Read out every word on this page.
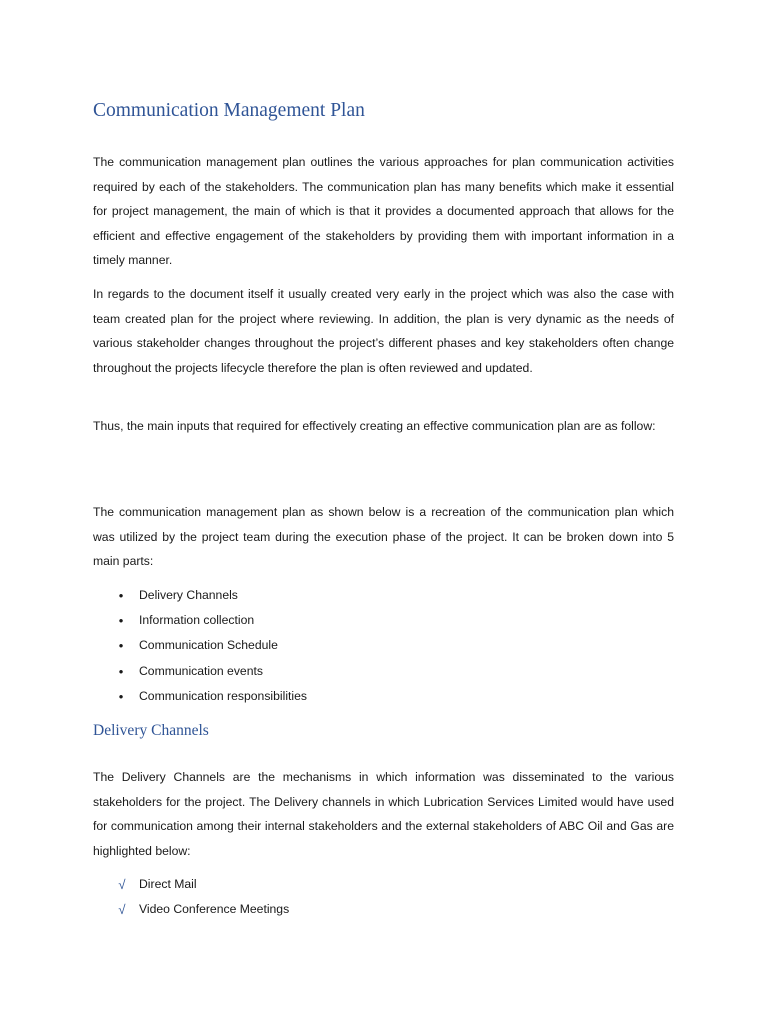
Communication Management Plan

The communication management plan outlines the various approaches for plan communication activities required by each of the stakeholders. The communication plan has many benefits which make it essential for project management, the main of which is that it provides a documented approach that allows for the efficient and effective engagement of the stakeholders by providing them with important information in a timely manner.

In regards to the document itself it usually created very early in the project which was also the case with team created plan for the project where reviewing. In addition, the plan is very dynamic as the needs of various stakeholder changes throughout the project’s different phases and key stakeholders often change throughout the projects lifecycle therefore the plan is often reviewed and updated.

Thus, the main inputs that required for effectively creating an effective communication plan are as follow:

The communication management plan as shown below is a recreation of the communication plan which was utilized by the project team during the execution phase of the project. It can be broken down into 5 main parts:

•	Delivery Channels
•	Information collection
•	Communication Schedule
•	Communication events
•	Communication responsibilities
Delivery Channels

The Delivery Channels are the mechanisms in which information was disseminated to the various stakeholders for the project. The Delivery channels in which Lubrication Services Limited would have used for communication among their internal stakeholders and the external stakeholders of ABC Oil and Gas are highlighted below:

√ Direct Mail
√ Video Conference Meetings
